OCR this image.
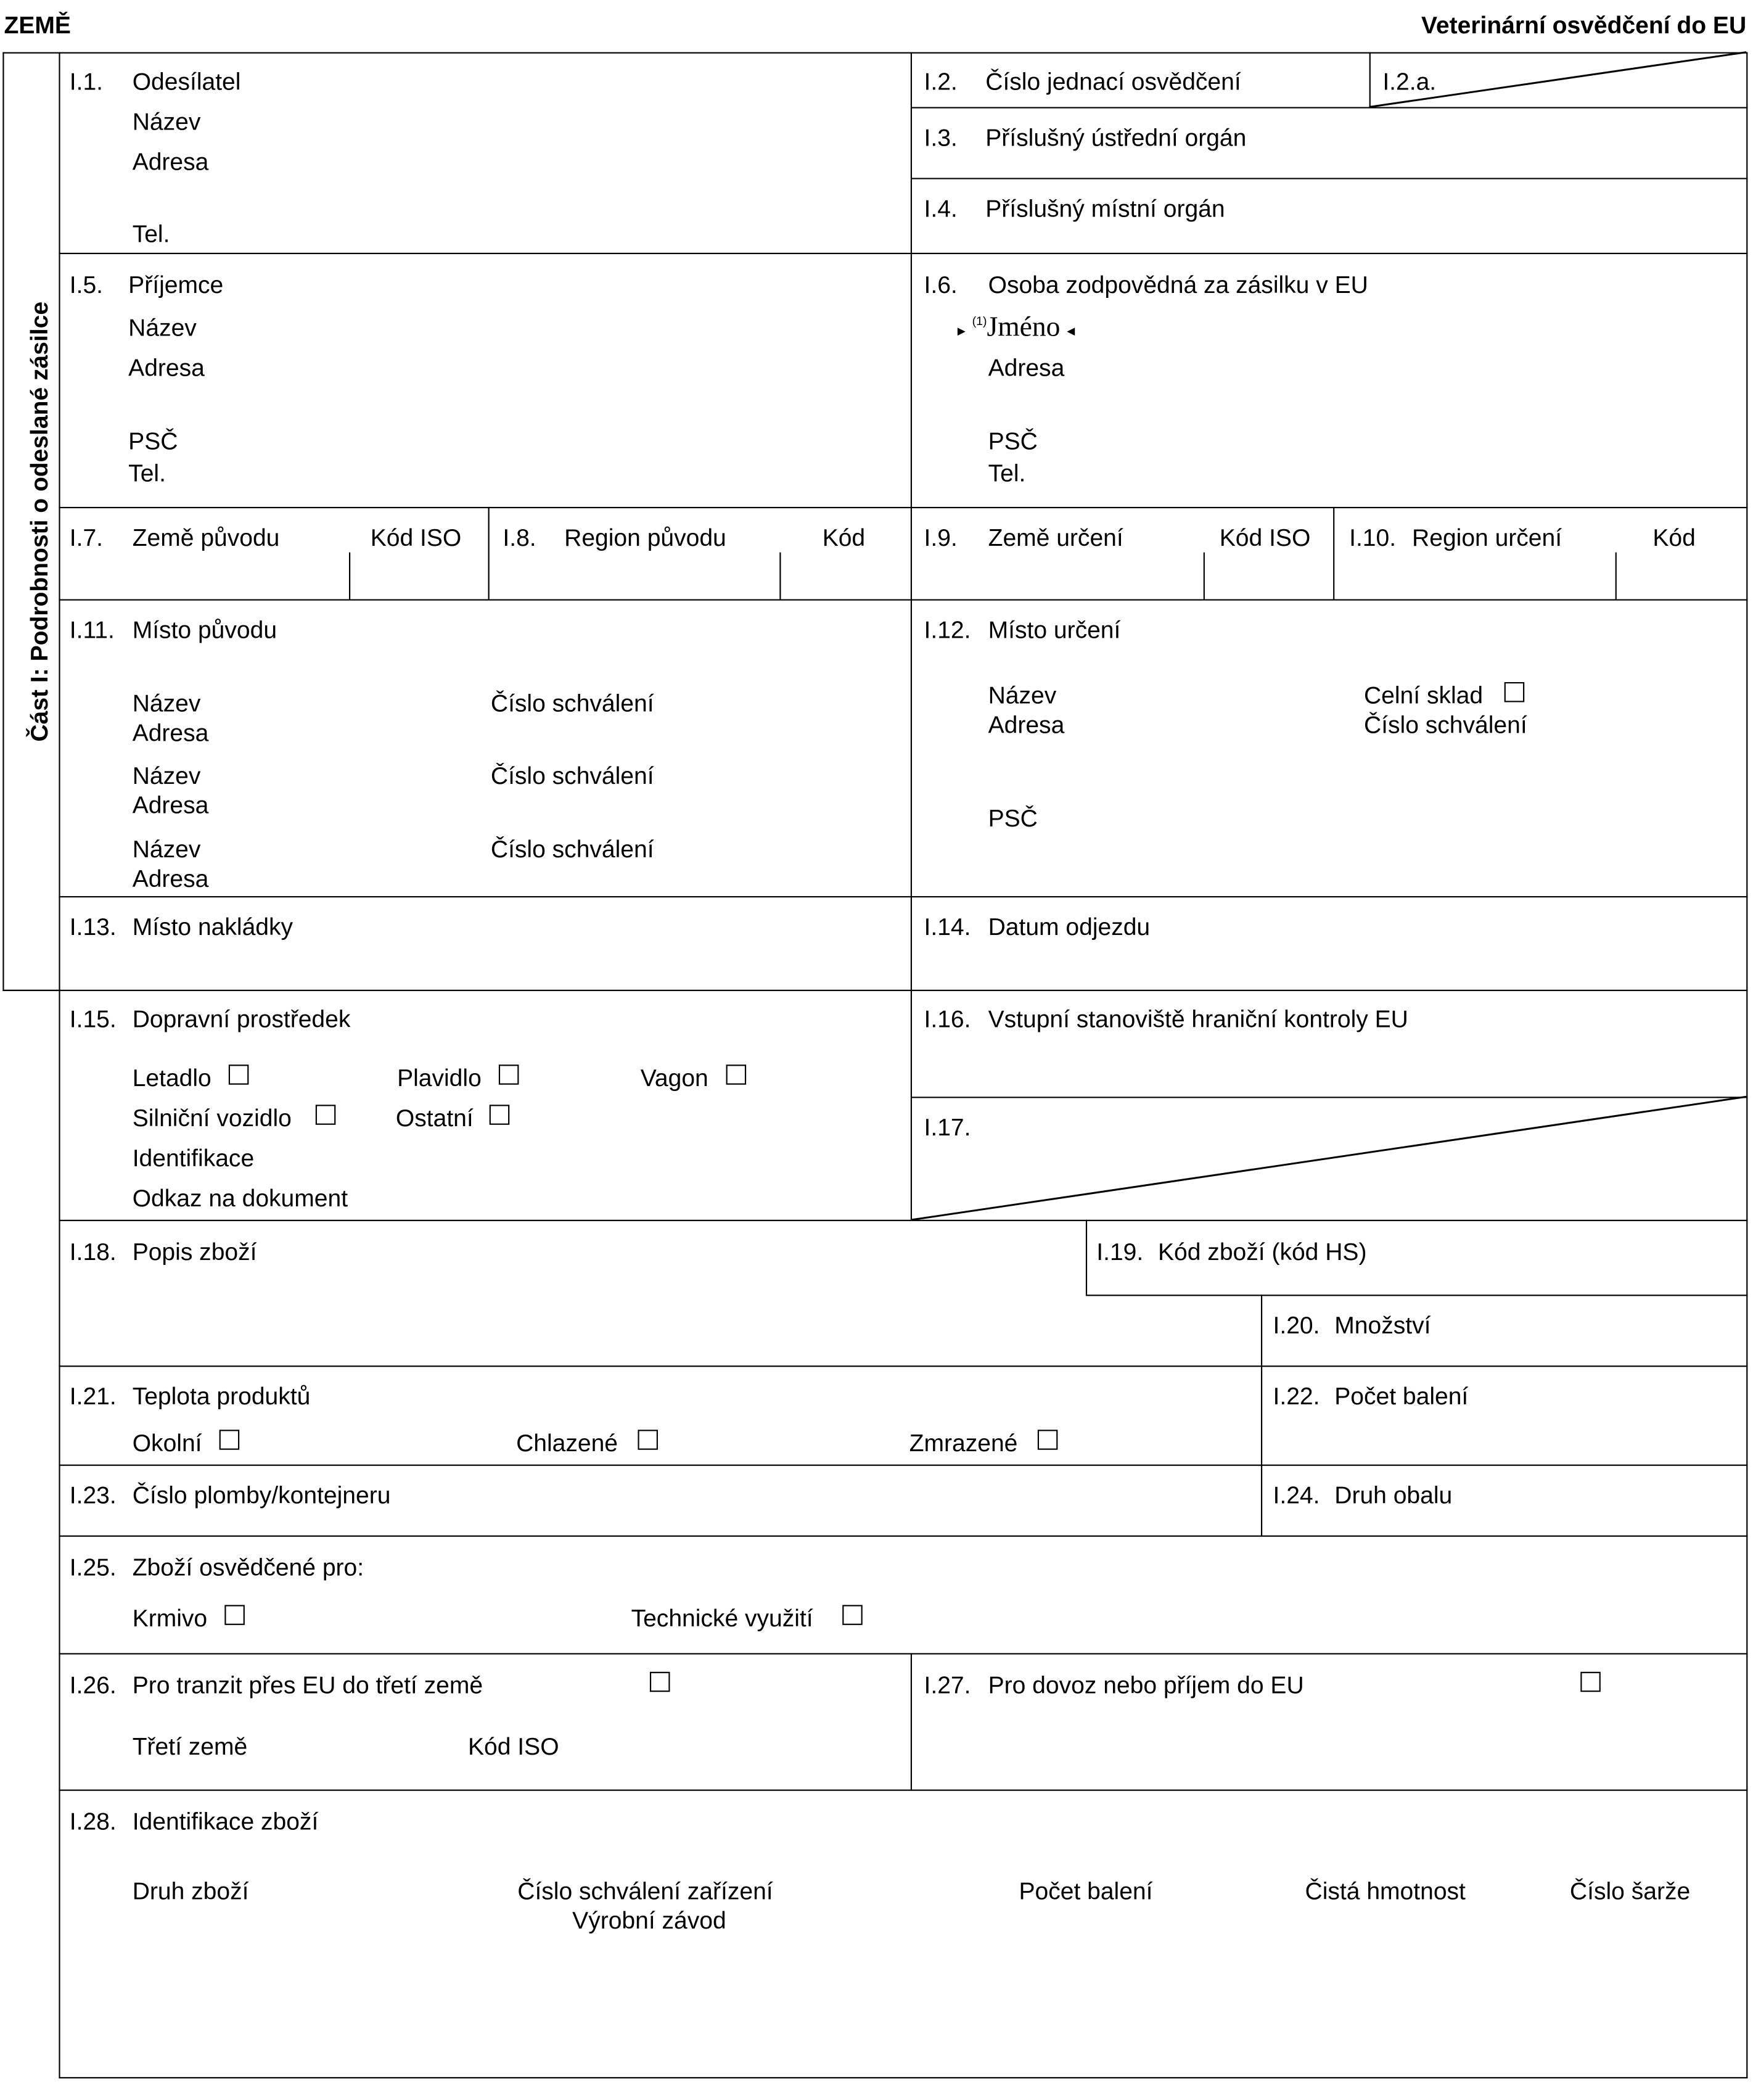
ZEMĚ	Veterinární osvědčení do EU
Část I: Podrobnosti o odeslané zásilce
I.1.	Odesílatel
Název
Adresa
Tel.
I.2.	Číslo jednací osvědčení	I.2.a.
I.3.	Příslušný ústřední orgán
I.4.	Příslušný místní orgán
I.5. Příjemce
Název
Adresa
PSČ
Tel.
I.6.	Osoba zodpovědná za zásilku v EU
▸ $^{(1)}$Jméno ◂
Adresa
PSČ
Tel.
I.7.	Země původu	Kód ISO	I.8.	Region původu	Kód	I.9.	Země určení	Kód ISO	I.10. Region určení	Kód
I.11. Místo původu
Název	Číslo schválení
Adresa
Název	Číslo schválení
Adresa
Název	Číslo schválení
Adresa
I.12. Místo určení
Název
Adresa
Celní sklad
Číslo schválení
PSČ
I.13. Místo nakládky	I.14. Datum odjezdu
I.15. Dopravní prostředek
Letadlo	Plavidlo	Vagon
Silniční vozidlo	Ostatní
Identifikace
Odkaz na dokument
I.16. Vstupní stanoviště hraniční kontroly EU
I.17.
I.18. Popis zboží	I.19. Kód zboží (kód HS)
I.20. Množství
I.21. Teplota produktů
Okolní	Chlazené	Zmrazené
I.22. Počet balení
I.23. Číslo plomby/kontejneru	I.24. Druh obalu
I.25. Zboží osvědčené pro:
Krmivo	Technické využití
I.26. Pro tranzit přes EU do třetí země
Třetí země	Kód ISO
I.27. Pro dovoz nebo příjem do EU
I.28. Identifikace zboží
Druh zboží	Číslo schválení zařízení
Výrobní závod
Počet balení	Čistá hmotnost	Číslo šarže
